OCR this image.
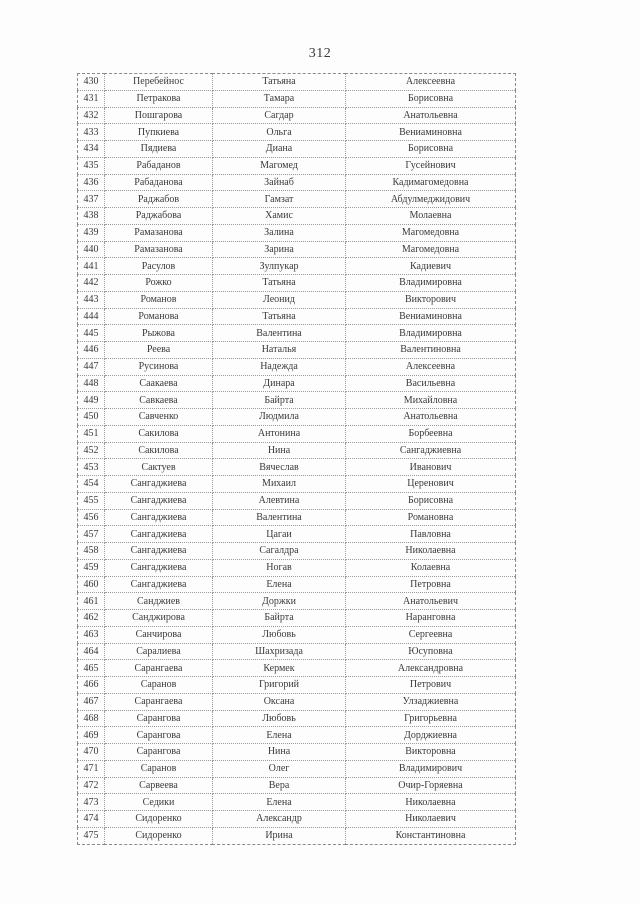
312
430	Перебейнос	Татьяна	Алексеевна
431	Петракова	Тамара	Борисовна
432	Пошгарова	Сагдар	Анатольевна
433	Пупкиева	Ольга	Вениаминовна
434	Пядиева	Диана	Борисовна
435	Рабаданов	Магомед	Гусейнович
436	Рабаданова	Зайнаб	Кадимагомедовна
437	Раджабов	Гамзат	Абдулмеджидович
438	Раджабова	Хамис	Молаевна
439	Рамазанова	Залина	Магомедовна
440	Рамазанова	Зарина	Магомедовна
441	Расулов	Зулпукар	Кадиевич
442	Рожко	Татьяна	Владимировна
443	Романов	Леонид	Викторович
444	Романова	Татьяна	Вениаминовна
445	Рыжова	Валентина	Владимировна
446	Реева	Наталья	Валентиновна
447	Русинова	Надежда	Алексеевна
448	Саакаева	Динара	Васильевна
449	Савкаева	Байрта	Михайловна
450	Савченко	Людмила	Анатольевна
451	Сакилова	Антонина	Борбеевна
452	Сакилова	Нина	Сангаджиевна
453	Сактуев	Вячеслав	Иванович
454	Сангаджиева	Михаил	Церенович
455	Сангаджиева	Алевтина	Борисовна
456	Сангаджиева	Валентина	Романовна
457	Сангаджиева	Цагаи	Павловна
458	Сангаджиева	Сагалдра	Николаевна
459	Сангаджиева	Ногав	Колаевна
460	Сангаджиева	Елена	Петровна
461	Санджиев	Доржки	Анатольевич
462	Санджирова	Байрта	Наранговна
463	Санчирова	Любовь	Сергеевна
464	Саралиева	Шахризада	Юсуповна
465	Сарангаева	Кермек	Александровна
466	Саранов	Григорий	Петрович
467	Сарангаева	Оксана	Улзаджиевна
468	Сарангова	Любовь	Григорьевна
469	Сарангова	Елена	Дорджиевна
470	Сарангова	Нина	Викторовна
471	Саранов	Олег	Владимирович
472	Сарвеева	Вера	Очир-Горяевна
473	Седики	Елена	Николаевна
474	Сидоренко	Александр	Николаевич
475	Сидоренко	Ирина	Константиновна
